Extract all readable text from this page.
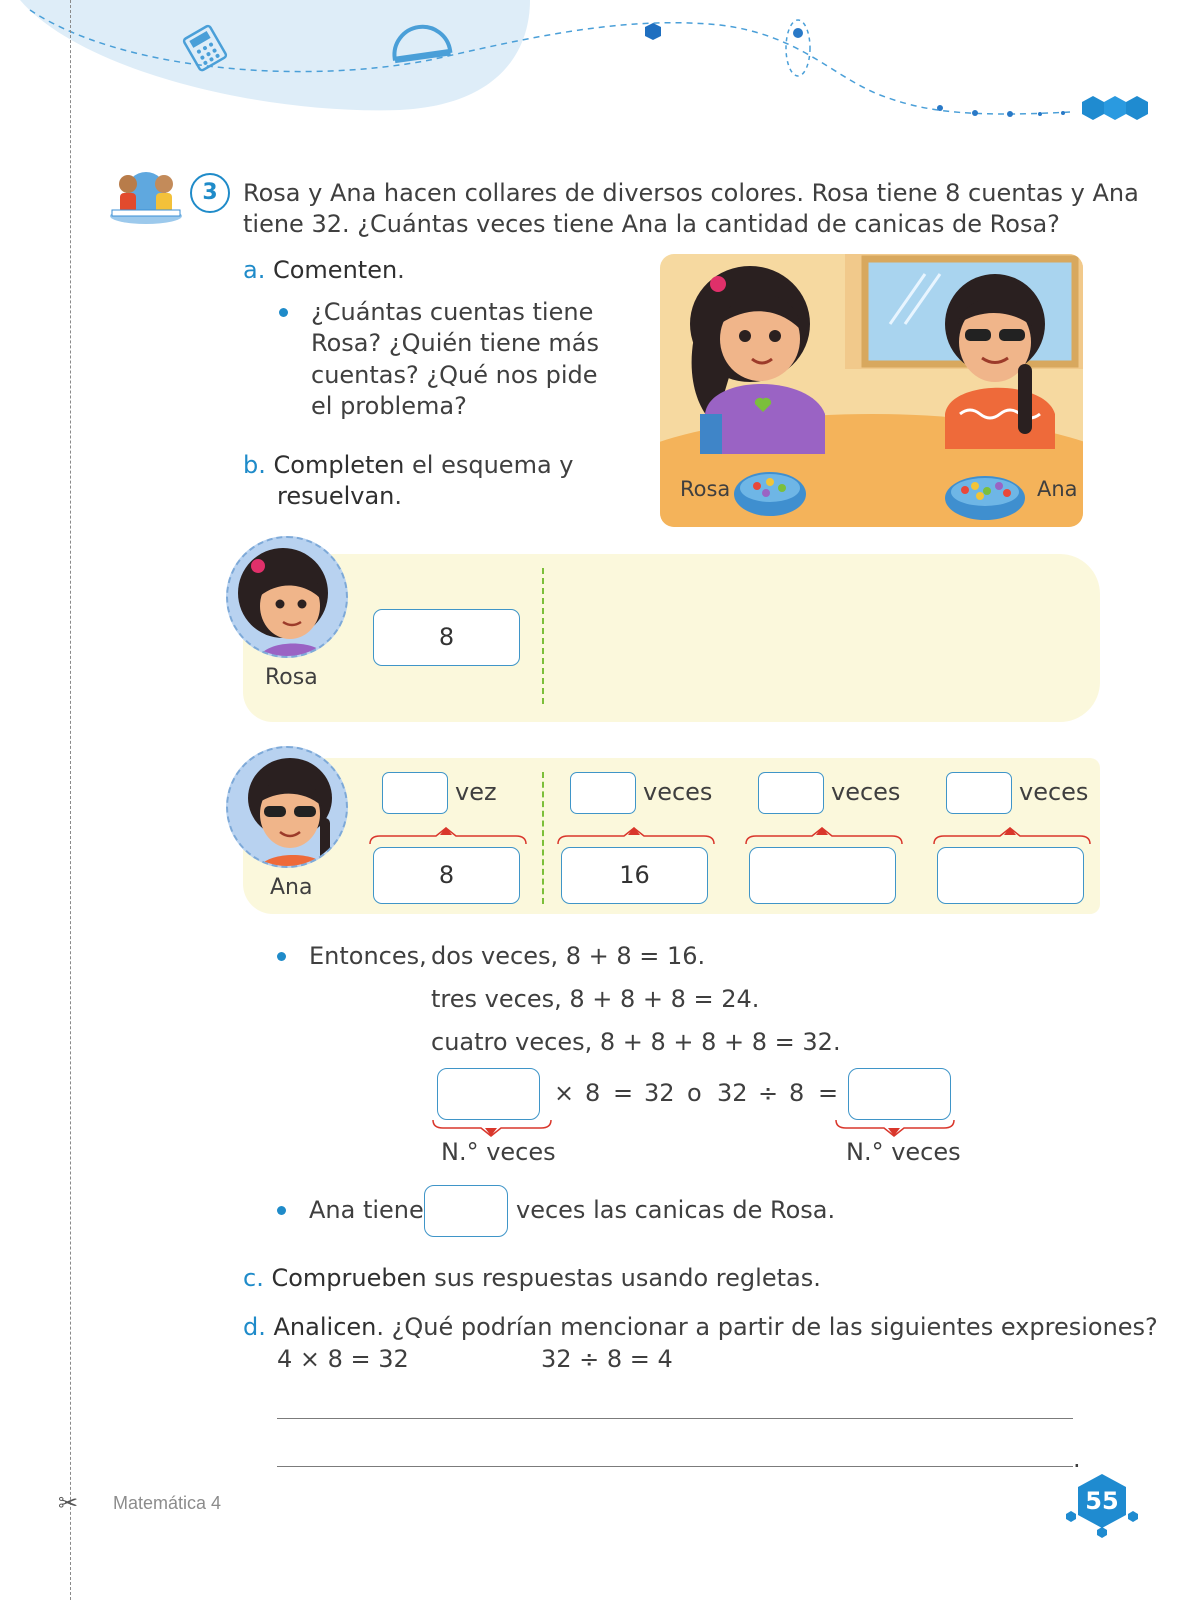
3	Rosa y Ana hacen collares de diversos colores. Rosa tiene 8 cuentas y Ana
tiene 32. ¿Cuántas veces tiene Ana la cantidad de canicas de Rosa?
a. Comenten.
¿Cuántas cuentas tiene
Rosa? ¿Quién tiene más
cuentas? ¿Qué nos pide
el problema?
b. Completen el esquema y
resuelvan.	Rosa	Ana
Rosa
8
Ana
vez
8
veces
16
veces	veces
Entonces, dos veces, 8 + 8 = 16.
tres veces, 8 + 8 + 8 = 24.
cuatro veces, 8 + 8 + 8 + 8 = 32.
N.° veces
× 8 = 32 o 32 ÷ 8 =
N.° veces
Ana tiene	veces las canicas de Rosa.
c. Comprueben sus respuestas usando regletas.
d. Analicen. ¿Qué podrían mencionar a partir de las siguientes expresiones?
4 × 8 = 32	32 ÷ 8 = 4
.
✂ Matemática 4	55
